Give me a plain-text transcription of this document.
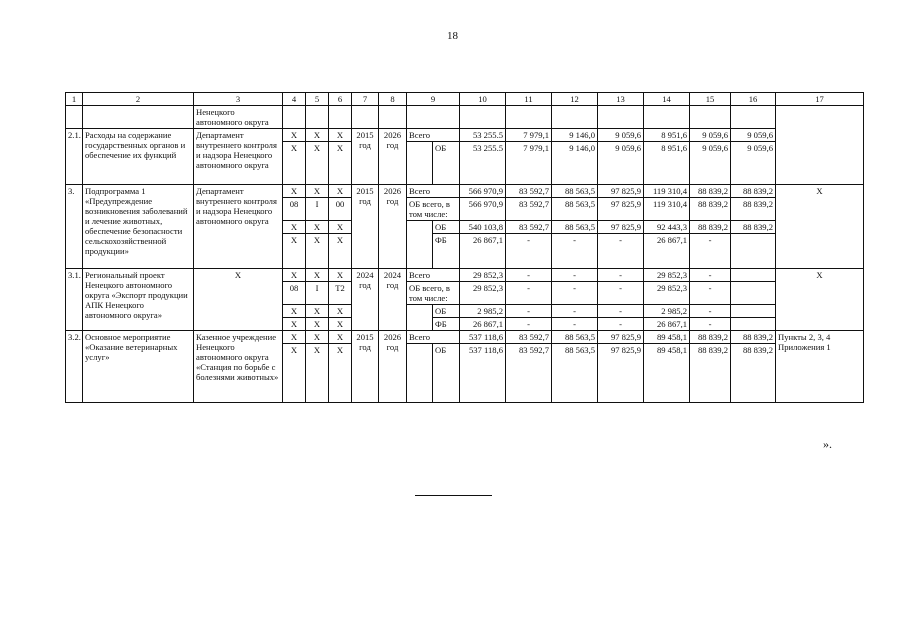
18
1	2	3	4	5	6	7	8	9		10	11	12	13	14	15	16	17
		Ненецкого автономного округа															
2.1.	Расходы на содержание государственных органов и обеспечение их функций	Департамент внутреннего контроля и надзора Ненецкого автономного округа	Х	Х	Х	2015 год	2026 год	Всего		53 255.5	7 979,1	9 146,0	9 059,6	8 951,6	9 059,6	9 059,6	
			Х	Х	Х				ОБ	53 255.5	7 979,1	9 146,0	9 059,6	8 951,6	9 059,6	9 059,6	
3.	Подпрограмма 1 «Предупреждение возникновения заболеваний и лечение животных, обеспечение безопасности сельскохозяйственной продукции»	Департамент внутреннего контроля и надзора Ненецкого автономного округа	Х	Х	Х	2015 год	2026 год	Всего		566 970,9	83 592,7	88 563,5	97 825,9	119 310,4	88 839,2	88 839,2	Х
			08	I	00			ОБ всего, в том числе:		566 970,9	83 592,7	88 563,5	97 825,9	119 310,4	88 839,2	88 839,2	
			Х	Х	Х				ОБ	540 103,8	83 592,7	88 563,5	97 825,9	92 443,3	88 839,2	88 839,2	
			Х	Х	Х				ФБ	26 867,1	-	-	-	26 867,1	-		
3.1.	Региональный проект Ненецкого автономного округа «Экспорт продукции АПК Ненецкого автономного округа»	Х	Х	Х	Х	2024 год	2024 год	Всего		29 852,3	-	-	-	29 852,3	-		Х
			08	I	Т2			ОБ всего, в том числе:		29 852,3	-	-	-	29 852,3	-		
			Х	Х	Х				ОБ	2 985,2	-	-	-	2 985,2	-		
			Х	Х	Х				ФБ	26 867,1	-	-	-	26 867,1	-		
3.2.	Основное мероприятие «Оказание ветеринарных услуг»	Казенное учреждение Ненецкого автономного округа «Станция по борьбе с болезнями животных»	Х	Х	Х	2015 год	2026 год	Всего		537 118,6	83 592,7	88 563,5	97 825,9	89 458,1	88 839,2	88 839,2	Пункты 2, 3, 4 Приложения 1
			Х	Х	Х				ОБ	537 118,6	83 592,7	88 563,5	97 825,9	89 458,1	88 839,2	88 839,2	
».
